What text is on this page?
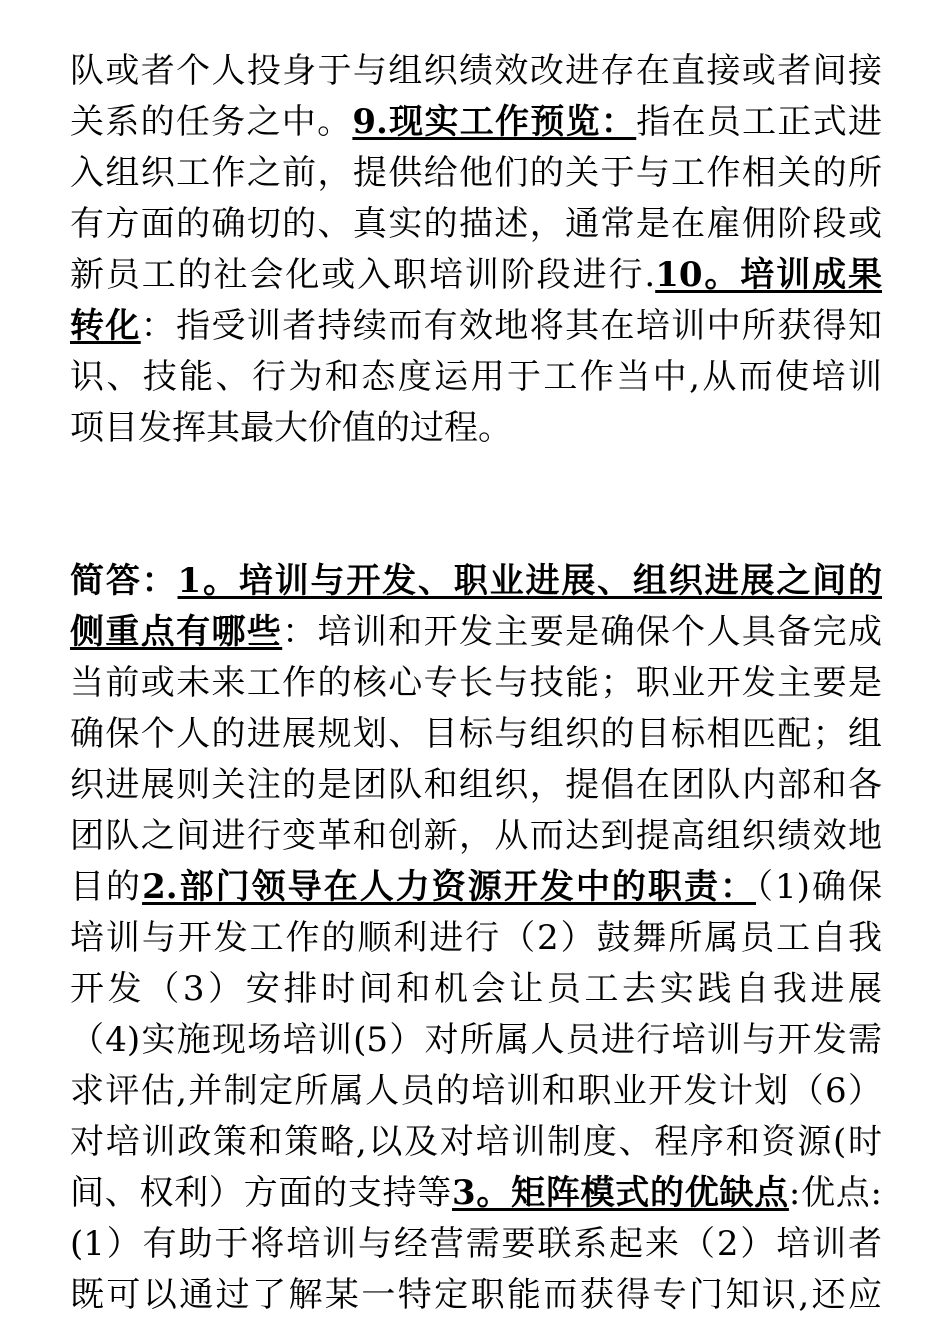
队或者个人投身于与组织绩效改进存在直接或者间接
关系的任务之中。9.现实工作预览：指在员工正式进
入组织工作之前，提供给他们的关于与工作相关的所
有方面的确切的、真实的描述，通常是在雇佣阶段或
新员工的社会化或入职培训阶段进行.10。培训成果
转化：指受训者持续而有效地将其在培训中所获得知
识、技能、行为和态度运用于工作当中,从而使培训
项目发挥其最大价值的过程。
简答：1。培训与开发、职业进展、组织进展之间的
侧重点有哪些：培训和开发主要是确保个人具备完成
当前或未来工作的核心专长与技能；职业开发主要是
确保个人的进展规划、目标与组织的目标相匹配；组
织进展则关注的是团队和组织，提倡在团队内部和各
团队之间进行变革和创新，从而达到提高组织绩效地
目的2.部门领导在人力资源开发中的职责：（1)确保
培训与开发工作的顺利进行（2）鼓舞所属员工自我
开发（3）安排时间和机会让员工去实践自我进展
（4)实施现场培训(5）对所属人员进行培训与开发需
求评估,并制定所属人员的培训和职业开发计划（6）
对培训政策和策略,以及对培训制度、程序和资源(时
间、权利）方面的支持等3。矩阵模式的优缺点:优点:
(1）有助于将培训与经营需要联系起来（2）培训者
既可以通过了解某一特定职能而获得专门知识,还应
